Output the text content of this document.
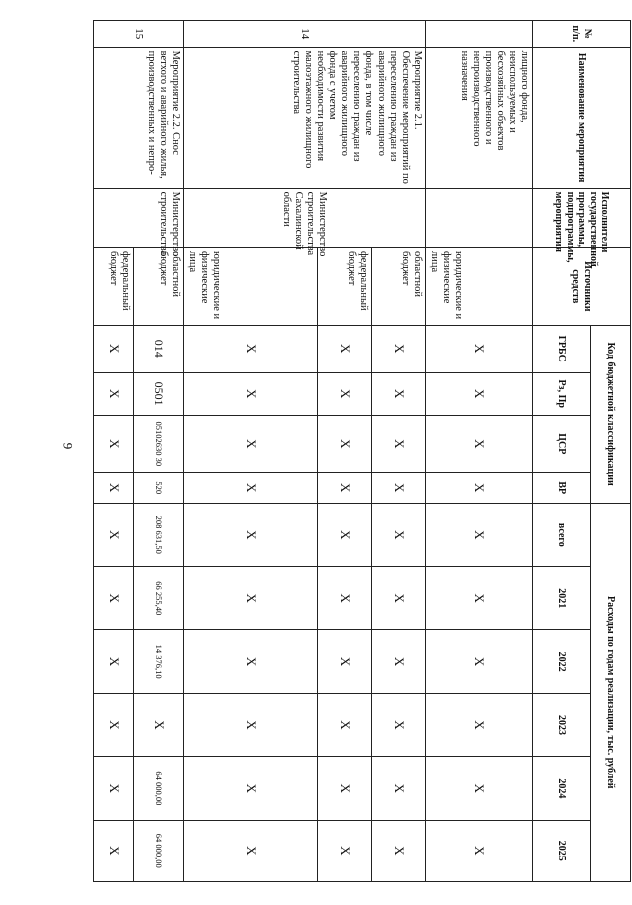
9
№ п/п.	Наименование мероприятия	Исполнители государственной программы, подпрограммы, мероприятия	Источники средств	Код бюджетной классификации				Расходы по годам реализации, тыс. рублей					
				ГРБС	Рз, Пр	ЦСР	ВР	всего	2021	2022	2023	2024	2025
	лищного фонда, неиспользуемых и бесхозяйных объектов производственного и непроизводственного назначения		юридические и физические лица	X	X	X	X	X	X	X	X	X	X
14	Мероприятие 2.1. Обеспечение мероприятий по переселению граждан из аварийного жилищного фонда, в том числе переселению граждан из аварийного жилищного фонда с учетом необходимости развития малоэтажного жилищного строительства	Министерство строительства Сахалинской области	областной бюджет	X	X	X	X	X	X	X	X	X	X
			федеральный бюджет	X	X	X	X	X	X	X	X	X	X
			юридические и физические лица	X	X	X	X	X	X	X	X	X	X
15	Мероприятие 2.2. Снос ветхого и аварийного жилья, производственных и непро-	Министерство строительства	областной бюджет	014	0501	05102630 30	520	208 631,50	66 255,40	14 376,10	X	64 000,00	64 000,00
			федеральный бюджет	X	X	X	X	X	X	X	X	X	X
